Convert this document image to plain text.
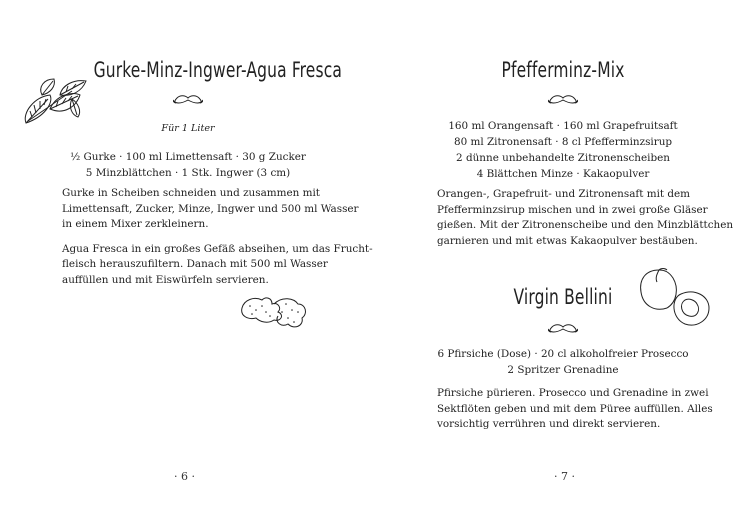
Gurke-Minz-Ingwer-Agua Fresca
Für 1 Liter
½ Gurke · 100 ml Limettensaft · 30 g Zucker
5 Minzblättchen · 1 Stk. Ingwer (3 cm)

Gurke in Scheiben schneiden und zusammen mit
Limettensaft, Zucker, Minze, Ingwer und 500 ml Wasser
in einem Mixer zerkleinern.

Agua Fresca in ein großes Gefäß abseihen, um das Frucht-
fleisch herauszufiltern. Danach mit 500 ml Wasser
auffüllen und mit Eiswürfeln servieren.

· 6 ·
Pfefferminz-Mix
160 ml Orangensaft · 160 ml Grapefruitsaft
80 ml Zitronensaft · 8 cl Pfefferminzsirup
2 dünne unbehandelte Zitronenscheiben
4 Blättchen Minze · Kakaopulver

Orangen-, Grapefruit- und Zitronensaft mit dem
Pfefferminzsirup mischen und in zwei große Gläser
gießen. Mit der Zitronenscheibe und den Minzblättchen
garnieren und mit etwas Kakaopulver bestäuben.

Virgin Bellini
6 Pfirsiche (Dose) · 20 cl alkoholfreier Prosecco
2 Spritzer Grenadine

Pfirsiche pürieren. Prosecco und Grenadine in zwei
Sektflöten geben und mit dem Püree auffüllen. Alles
vorsichtig verrühren und direkt servieren.

· 7 ·
